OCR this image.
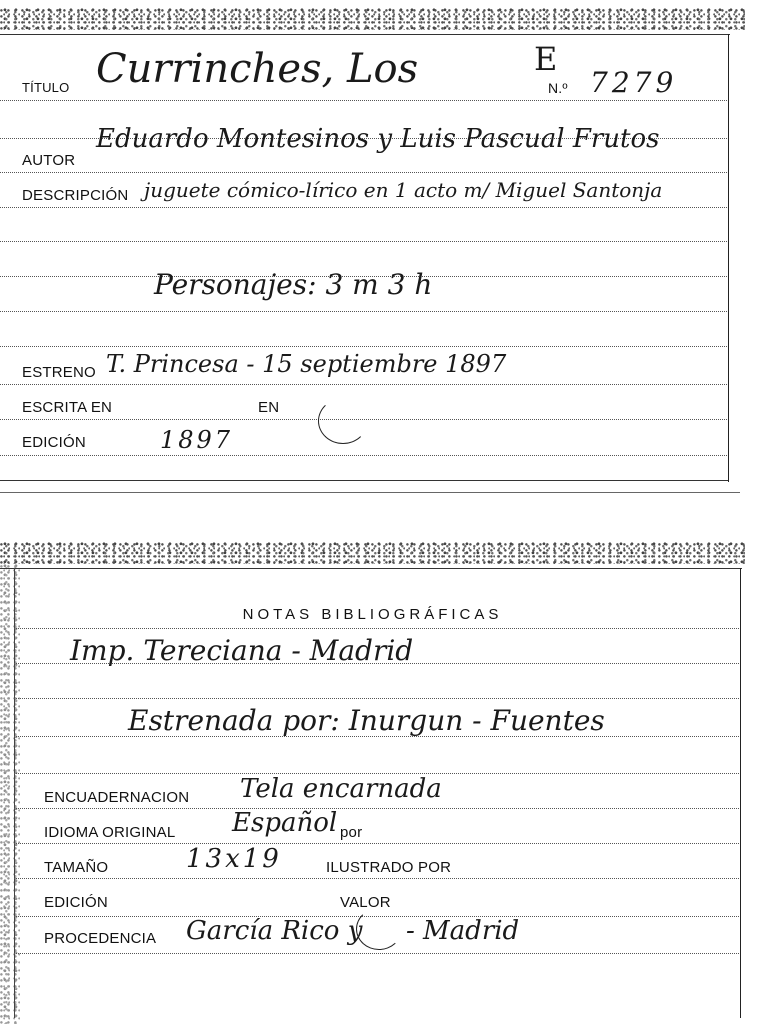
TÍTULO Currinches, Los	E
N.º 7279
AUTOR
Eduardo Montesinos y Luis Pascual Frutos
DESCRIPCIÓN juguete cómico-lírico en 1 acto m/ Miguel Santonja
Personajes: 3 m 3 h
ESTRENO T. Princesa - 15 septiembre 1897
ESCRITA EN	EN
EDICIÓN	1897
NOTAS BIBLIOGRÁFICAS
Imp. Tereciana - Madrid
Estrenada por: Inurgun - Fuentes
ENCUADERNACION Tela encarnada
IDIOMA ORIGINAL Español por
TAMAÑO	13x19	ILUSTRADO POR
EDICIÓN	VALOR
PROCEDENCIA García Rico y - Madrid
